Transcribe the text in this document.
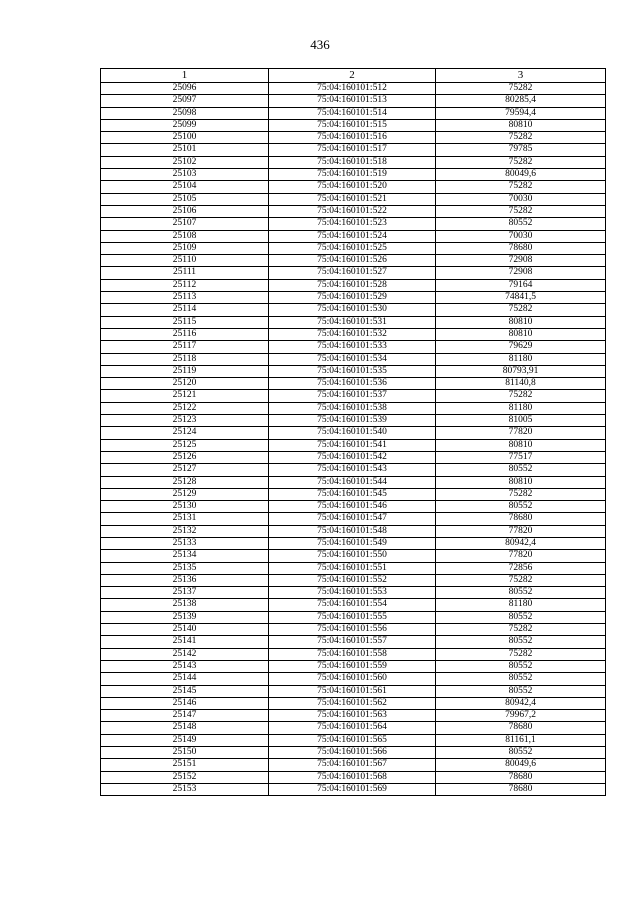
436
1	2	3
25096	75:04:160101:512	75282
25097	75:04:160101:513	80285,4
25098	75:04:160101:514	79594,4
25099	75:04:160101:515	80810
25100	75:04:160101:516	75282
25101	75:04:160101:517	79785
25102	75:04:160101:518	75282
25103	75:04:160101:519	80049,6
25104	75:04:160101:520	75282
25105	75:04:160101:521	70030
25106	75:04:160101:522	75282
25107	75:04:160101:523	80552
25108	75:04:160101:524	70030
25109	75:04:160101:525	78680
25110	75:04:160101:526	72908
25111	75:04:160101:527	72908
25112	75:04:160101:528	79164
25113	75:04:160101:529	74841,5
25114	75:04:160101:530	75282
25115	75:04:160101:531	80810
25116	75:04:160101:532	80810
25117	75:04:160101:533	79629
25118	75:04:160101:534	81180
25119	75:04:160101:535	80793,91
25120	75:04:160101:536	81140,8
25121	75:04:160101:537	75282
25122	75:04:160101:538	81180
25123	75:04:160101:539	81005
25124	75:04:160101:540	77820
25125	75:04:160101:541	80810
25126	75:04:160101:542	77517
25127	75:04:160101:543	80552
25128	75:04:160101:544	80810
25129	75:04:160101:545	75282
25130	75:04:160101:546	80552
25131	75:04:160101:547	78680
25132	75:04:160101:548	77820
25133	75:04:160101:549	80942,4
25134	75:04:160101:550	77820
25135	75:04:160101:551	72856
25136	75:04:160101:552	75282
25137	75:04:160101:553	80552
25138	75:04:160101:554	81180
25139	75:04:160101:555	80552
25140	75:04:160101:556	75282
25141	75:04:160101:557	80552
25142	75:04:160101:558	75282
25143	75:04:160101:559	80552
25144	75:04:160101:560	80552
25145	75:04:160101:561	80552
25146	75:04:160101:562	80942,4
25147	75:04:160101:563	79967,2
25148	75:04:160101:564	78680
25149	75:04:160101:565	81161,1
25150	75:04:160101:566	80552
25151	75:04:160101:567	80049,6
25152	75:04:160101:568	78680
25153	75:04:160101:569	78680
